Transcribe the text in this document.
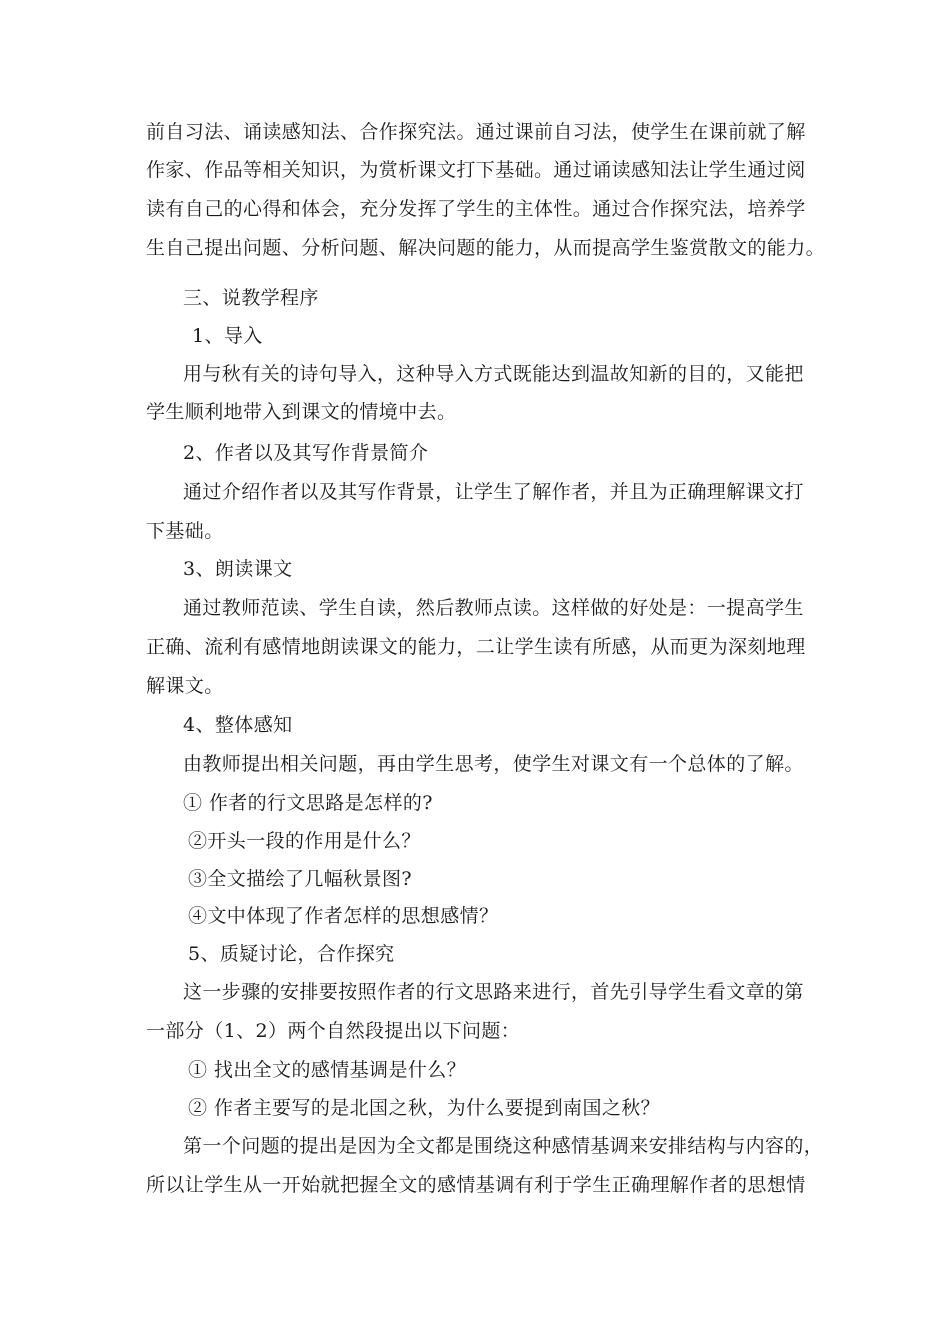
前自习法、诵读感知法、合作探究法。通过课前自习法，使学生在课前就了解
作家、作品等相关知识，为赏析课文打下基础。通过诵读感知法让学生通过阅
读有自己的心得和体会，充分发挥了学生的主体性。通过合作探究法，培养学
生自己提出问题、分析问题、解决问题的能力，从而提高学生鉴赏散文的能力。
三、说教学程序
1、导入
用与秋有关的诗句导入，这种导入方式既能达到温故知新的目的，又能把
学生顺利地带入到课文的情境中去。
2、作者以及其写作背景简介
通过介绍作者以及其写作背景，让学生了解作者，并且为正确理解课文打
下基础。
3、朗读课文
通过教师范读、学生自读，然后教师点读。这样做的好处是：一提高学生
正确、流利有感情地朗读课文的能力，二让学生读有所感，从而更为深刻地理
解课文。
4、整体感知
由教师提出相关问题，再由学生思考，使学生对课文有一个总体的了解。
① 作者的行文思路是怎样的?
②开头一段的作用是什么？
③全文描绘了几幅秋景图?
④文中体现了作者怎样的思想感情？
5、质疑讨论，合作探究
这一步骤的安排要按照作者的行文思路来进行，首先引导学生看文章的第
一部分（1、2）两个自然段提出以下问题：
① 找出全文的感情基调是什么？
② 作者主要写的是北国之秋，为什么要提到南国之秋？
第一个问题的提出是因为全文都是围绕这种感情基调来安排结构与内容的，
所以让学生从一开始就把握全文的感情基调有利于学生正确理解作者的思想情
